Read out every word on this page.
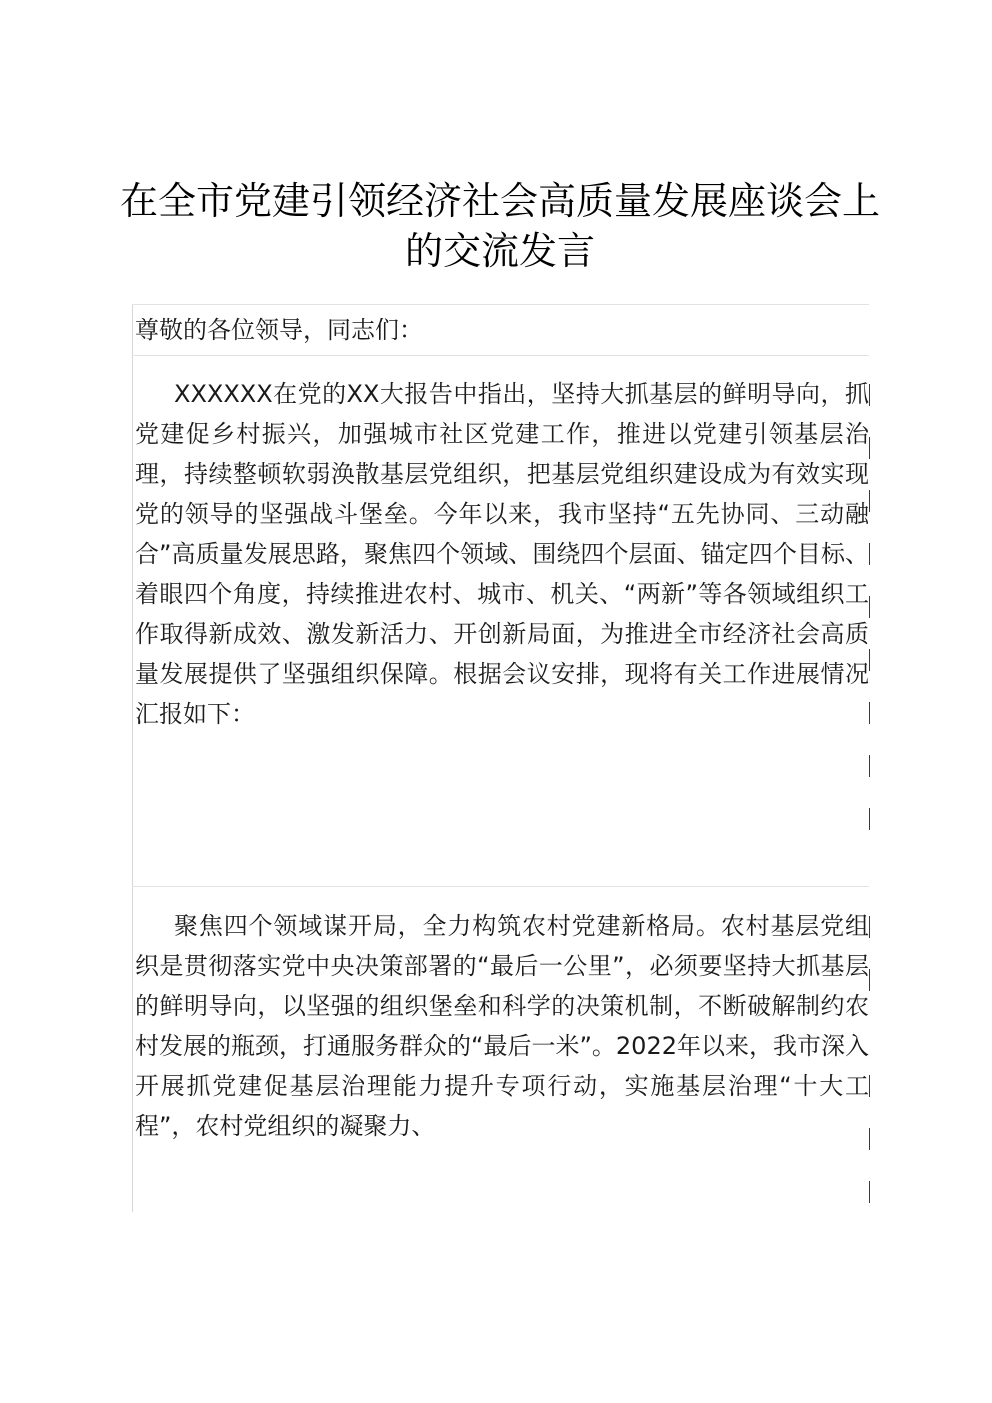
在全市党建引领经济社会高质量发展座谈会上的交流发言
尊敬的各位领导，同志们：
XXXXXX在党的XX大报告中指出，坚持大抓基层的鲜明导向，抓党建促乡村振兴，加强城市社区党建工作，推进以党建引领基层治理，持续整顿软弱涣散基层党组织，把基层党组织建设成为有效实现党的领导的坚强战斗堡垒。今年以来，我市坚持“五先协同、三动融合”高质量发展思路，聚焦四个领域、围绕四个层面、锚定四个目标、着眼四个角度，持续推进农村、城市、机关、“两新”等各领域组织工作取得新成效、激发新活力、开创新局面，为推进全市经济社会高质量发展提供了坚强组织保障。根据会议安排，现将有关工作进展情况汇报如下：
聚焦四个领域谋开局，全力构筑农村党建新格局。农村基层党组织是贯彻落实党中央决策部署的“最后一公里”，必须要坚持大抓基层的鲜明导向，以坚强的组织堡垒和科学的决策机制，不断破解制约农村发展的瓶颈，打通服务群众的“最后一米”。2022年以来，我市深入开展抓党建促基层治理能力提升专项行动，实施基层治理“十大工程”，农村党组织的凝聚力、
